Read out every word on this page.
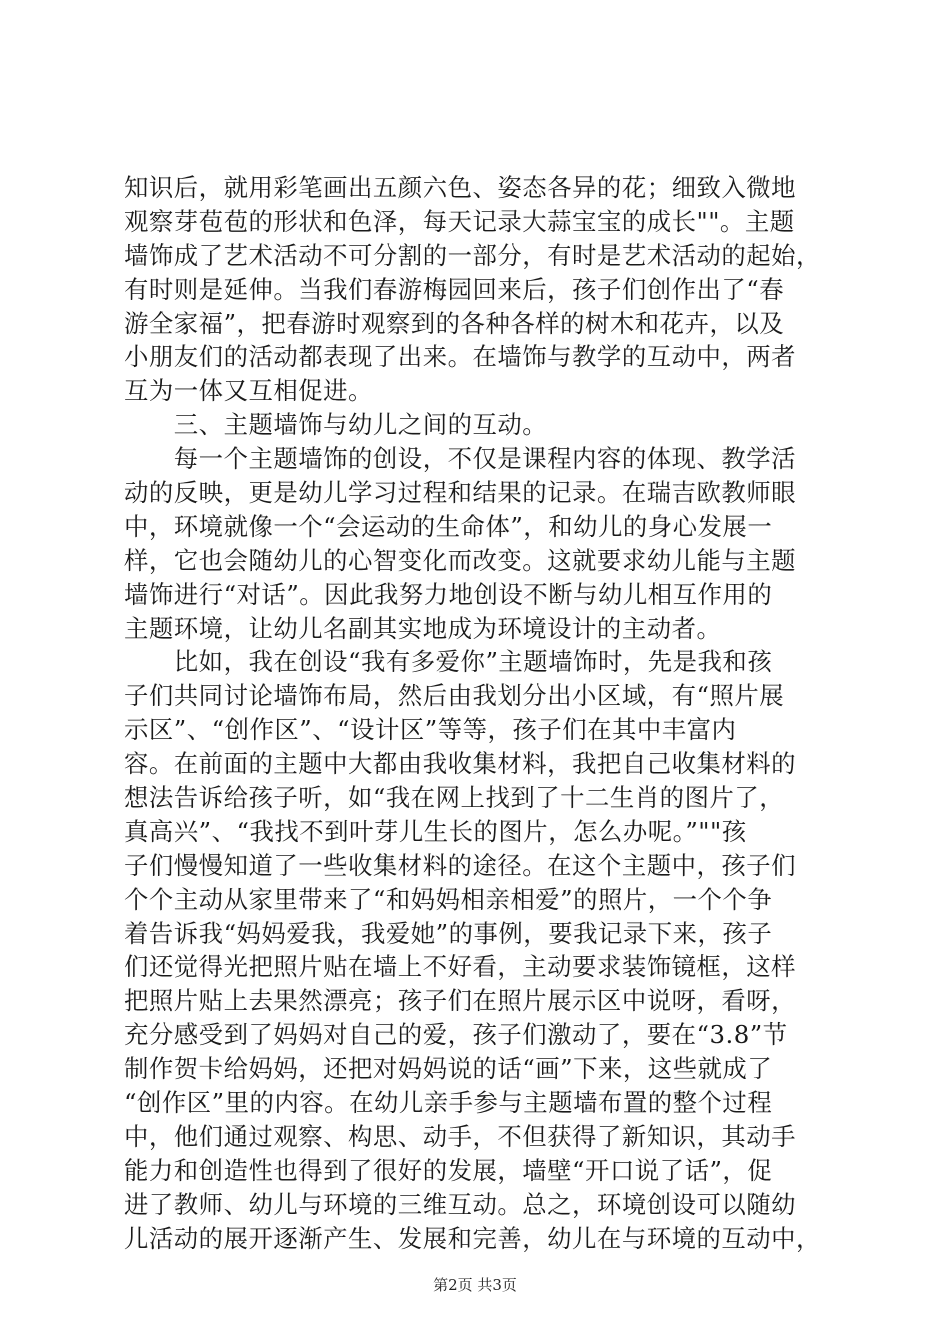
知识后，就用彩笔画出五颜六色、姿态各异的花；细致入微地
观察芽苞苞的形状和色泽，每天记录大蒜宝宝的成长""。主题
墙饰成了艺术活动不可分割的一部分，有时是艺术活动的起始，
有时则是延伸。当我们春游梅园回来后，孩子们创作出了“春
游全家福”，把春游时观察到的各种各样的树木和花卉，以及
小朋友们的活动都表现了出来。在墙饰与教学的互动中，两者
互为一体又互相促进。
　　三、主题墙饰与幼儿之间的互动。
　　每一个主题墙饰的创设，不仅是课程内容的体现、教学活
动的反映，更是幼儿学习过程和结果的记录。在瑞吉欧教师眼
中，环境就像一个“会运动的生命体”，和幼儿的身心发展一
样，它也会随幼儿的心智变化而改变。这就要求幼儿能与主题
墙饰进行“对话”。因此我努力地创设不断与幼儿相互作用的
主题环境，让幼儿名副其实地成为环境设计的主动者。
　　比如，我在创设“我有多爱你”主题墙饰时，先是我和孩
子们共同讨论墙饰布局，然后由我划分出小区域，有“照片展
示区”、“创作区”、“设计区”等等，孩子们在其中丰富内
容。在前面的主题中大都由我收集材料，我把自己收集材料的
想法告诉给孩子听，如“我在网上找到了十二生肖的图片了，
真高兴”、“我找不到叶芽儿生长的图片，怎么办呢。”""孩
子们慢慢知道了一些收集材料的途径。在这个主题中，孩子们
个个主动从家里带来了“和妈妈相亲相爱”的照片，一个个争
着告诉我“妈妈爱我，我爱她”的事例，要我记录下来，孩子
们还觉得光把照片贴在墙上不好看，主动要求装饰镜框，这样
把照片贴上去果然漂亮；孩子们在照片展示区中说呀，看呀，
充分感受到了妈妈对自己的爱，孩子们激动了，要在“3.8”节
制作贺卡给妈妈，还把对妈妈说的话“画”下来，这些就成了
“创作区”里的内容。在幼儿亲手参与主题墙布置的整个过程
中，他们通过观察、构思、动手，不但获得了新知识，其动手
能力和创造性也得到了很好的发展，墙壁“开口说了话”，促
进了教师、幼儿与环境的三维互动。总之，环境创设可以随幼
儿活动的展开逐渐产生、发展和完善，幼儿在与环境的互动中，
第2页 共3页
